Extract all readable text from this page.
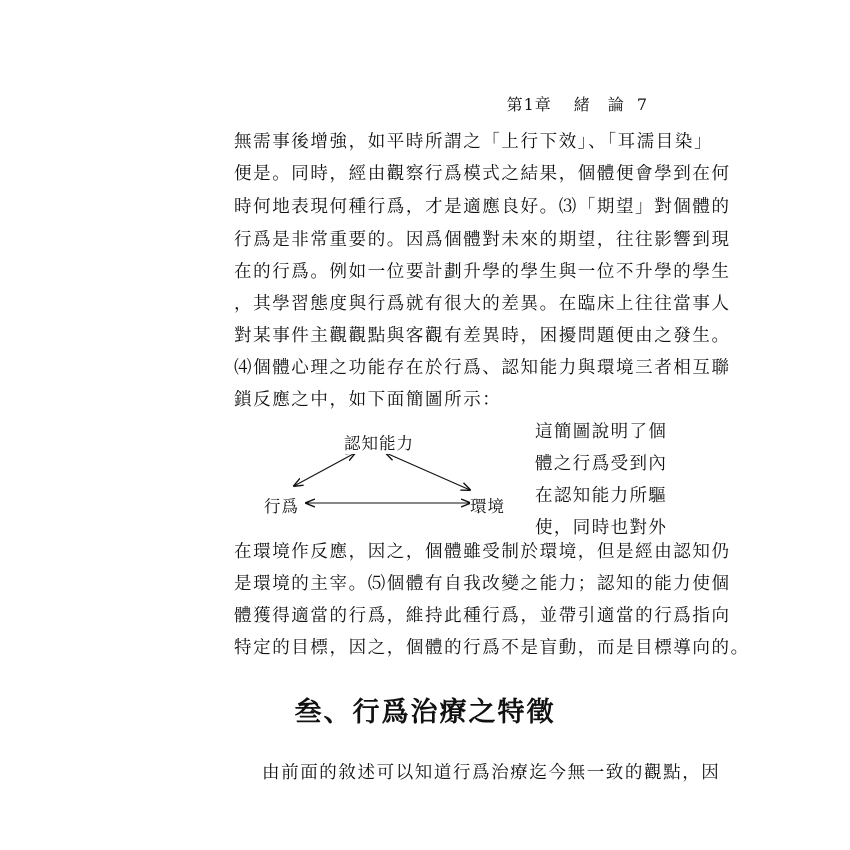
第1章 緒　論 7
無需事後增強，如平時所謂之「上行下效」、「耳濡目染」
便是。同時，經由觀察行爲模式之結果，個體便會學到在何
時何地表現何種行爲，才是適應良好。⑶「期望」對個體的
行爲是非常重要的。因爲個體對未來的期望，往往影響到現
在的行爲。例如一位要計劃升學的學生與一位不升學的學生
，其學習態度與行爲就有很大的差異。在臨床上往往當事人
對某事件主觀觀點與客觀有差異時，困擾問題便由之發生。
⑷個體心理之功能存在於行爲、認知能力與環境三者相互聯
鎖反應之中，如下面簡圖所示：
這簡圖說明了個
體之行爲受到內
在認知能力所驅
使，同時也對外
認知能力
行爲	環境
在環境作反應，因之，個體雖受制於環境，但是經由認知仍
是環境的主宰。⑸個體有自我改變之能力；認知的能力使個
體獲得適當的行爲，維持此種行爲，並帶引適當的行爲指向
特定的目標，因之，個體的行爲不是盲動，而是目標導向的。
叁、行爲治療之特徵
由前面的敘述可以知道行爲治療迄今無一致的觀點，因
